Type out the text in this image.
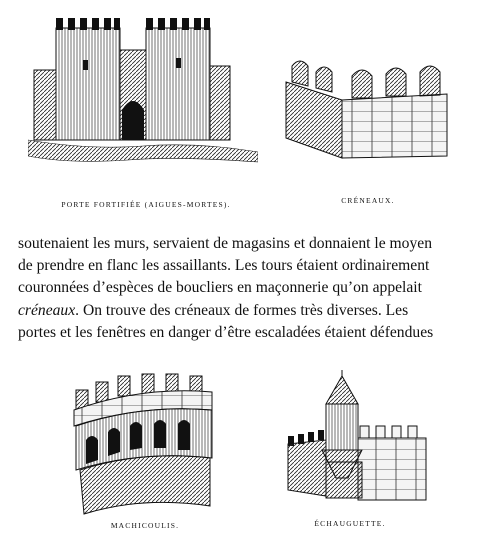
PORTE FORTIFIÉE (AIGUES-MORTES).	CRÉNEAUX.
soutenaient les murs, servaient de magasins et donnaient le moyen
de prendre en flanc les assaillants. Les tours étaient ordinairement
couronnées d’espèces de boucliers en maçonnerie qu’on appelait
créneaux. On trouve des créneaux de formes très diverses. Les
portes et les fenêtres en danger d’être escaladées étaient défendues
MACHICOULIS.	ÉCHAUGUETTE.
